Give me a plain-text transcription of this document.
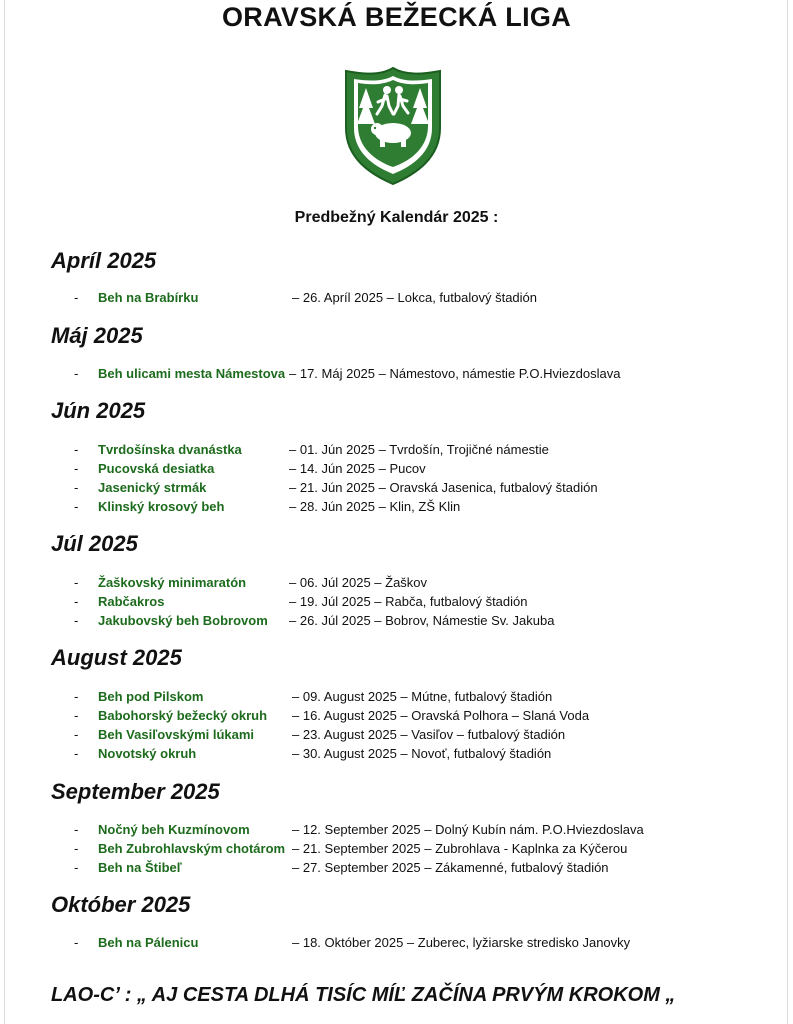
ORAVSKÁ BEŽECKÁ LIGA
Predbežný Kalendár 2025 :
Apríl 2025
- Beh na Brabírku	– 26. Apríl 2025 – Lokca, futbalový štadión
Máj 2025
- Beh ulicami mesta Námestova – 17. Máj 2025 – Námestovo, námestie P.O.Hviezdoslava
Jún 2025
- Tvrdošínska dvanástka	– 01. Jún 2025 – Tvrdošín, Trojičné námestie
- Pucovská desiatka	– 14. Jún 2025 – Pucov
- Jasenický strmák	– 21. Jún 2025 – Oravská Jasenica, futbalový štadión
- Klinský krosový beh	– 28. Jún 2025 – Klin, ZŠ Klin
Júl 2025
- Žaškovský minimaratón	– 06. Júl 2025 – Žaškov
- Rabčakros	– 19. Júl 2025 – Rabča, futbalový štadión
- Jakubovský beh Bobrovom – 26. Júl 2025 – Bobrov, Námestie Sv. Jakuba
August 2025
- Beh pod Pilskom	– 09. August 2025 – Mútne, futbalový štadión
- Babohorský bežecký okruh – 16. August 2025 – Oravská Polhora – Slaná Voda
- Beh Vasiľovskými lúkami	– 23. August 2025 – Vasiľov – futbalový štadión
- Novotský okruh	– 30. August 2025 – Novoť, futbalový štadión
September 2025
- Nočný beh Kuzmínovom	– 12. September 2025 – Dolný Kubín nám. P.O.Hviezdoslava
- Beh Zubrohlavským chotárom – 21. September 2025 – Zubrohlava - Kaplnka za Kýčerou
- Beh na Štibeľ	– 27. September 2025 – Zákamenné, futbalový štadión
Október 2025
- Beh na Pálenicu	– 18. Október 2025 – Zuberec, lyžiarske stredisko Janovky
LAO-C’ : „ AJ CESTA DLHÁ TISÍC MÍĽ ZAČÍNA PRVÝM KROKOM „
